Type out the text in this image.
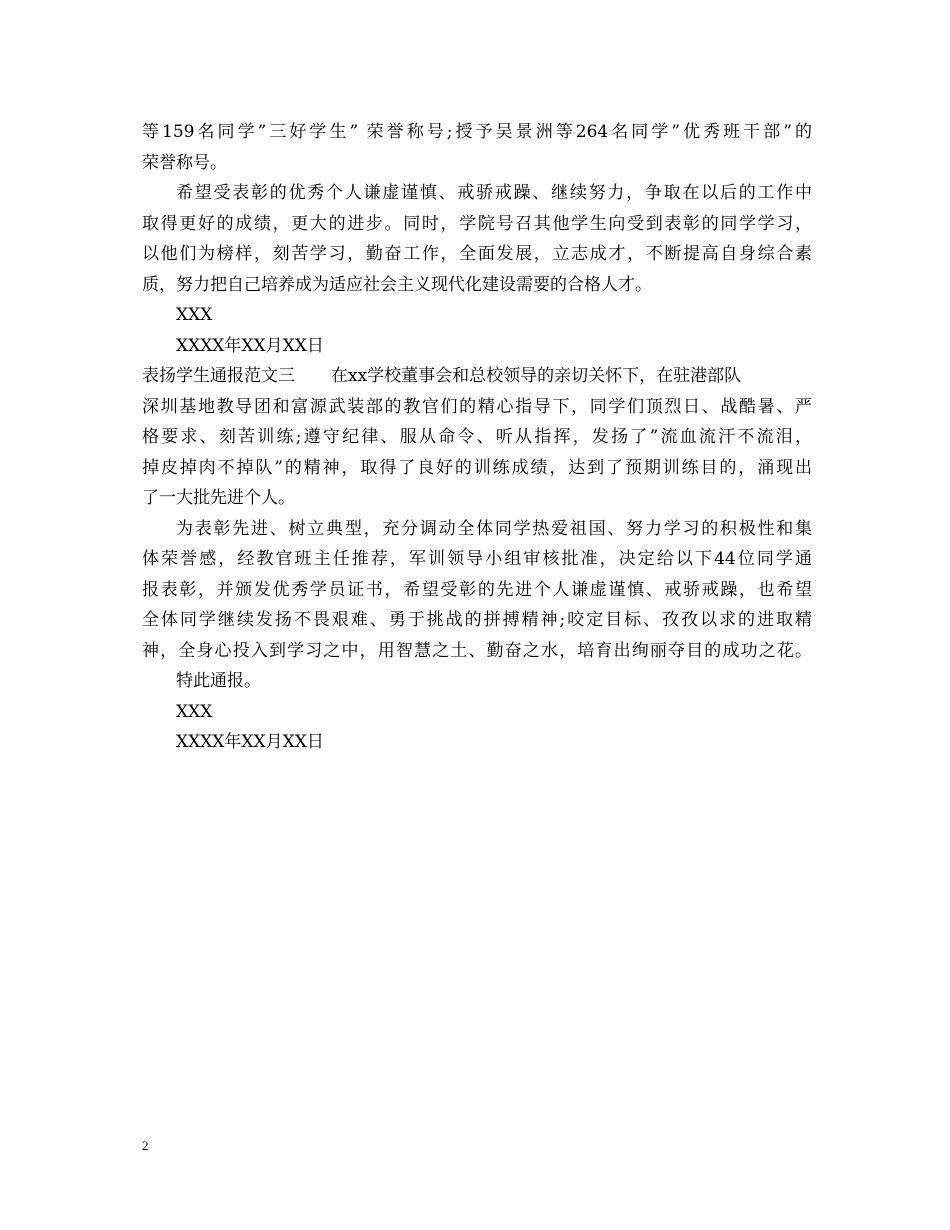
等159名同学”三好学生” 荣誉称号;授予吴景洲等264名同学”优秀班干部”的
荣誉称号。
希望受表彰的优秀个人谦虚谨慎、戒骄戒躁、继续努力，争取在以后的工作中
取得更好的成绩，更大的进步。同时，学院号召其他学生向受到表彰的同学学习，
以他们为榜样，刻苦学习，勤奋工作，全面发展，立志成才，不断提高自身综合素
质，努力把自己培养成为适应社会主义现代化建设需要的合格人才。
XXX
XXXX年XX月XX日
表扬学生通报范文三 在xx学校董事会和总校领导的亲切关怀下，在驻港部队
深圳基地教导团和富源武装部的教官们的精心指导下，同学们顶烈日、战酷暑、严
格要求、刻苦训练;遵守纪律、服从命令、听从指挥，发扬了”流血流汗不流泪，
掉皮掉肉不掉队”的精神，取得了良好的训练成绩，达到了预期训练目的，涌现出
了一大批先进个人。
为表彰先进、树立典型，充分调动全体同学热爱祖国、努力学习的积极性和集
体荣誉感，经教官班主任推荐，军训领导小组审核批准，决定给以下44位同学通
报表彰，并颁发优秀学员证书，希望受彰的先进个人谦虚谨慎、戒骄戒躁，也希望
全体同学继续发扬不畏艰难、勇于挑战的拼搏精神;咬定目标、孜孜以求的进取精
神，全身心投入到学习之中，用智慧之土、勤奋之水，培育出绚丽夺目的成功之花。
特此通报。
XXX
XXXX年XX月XX日
2
